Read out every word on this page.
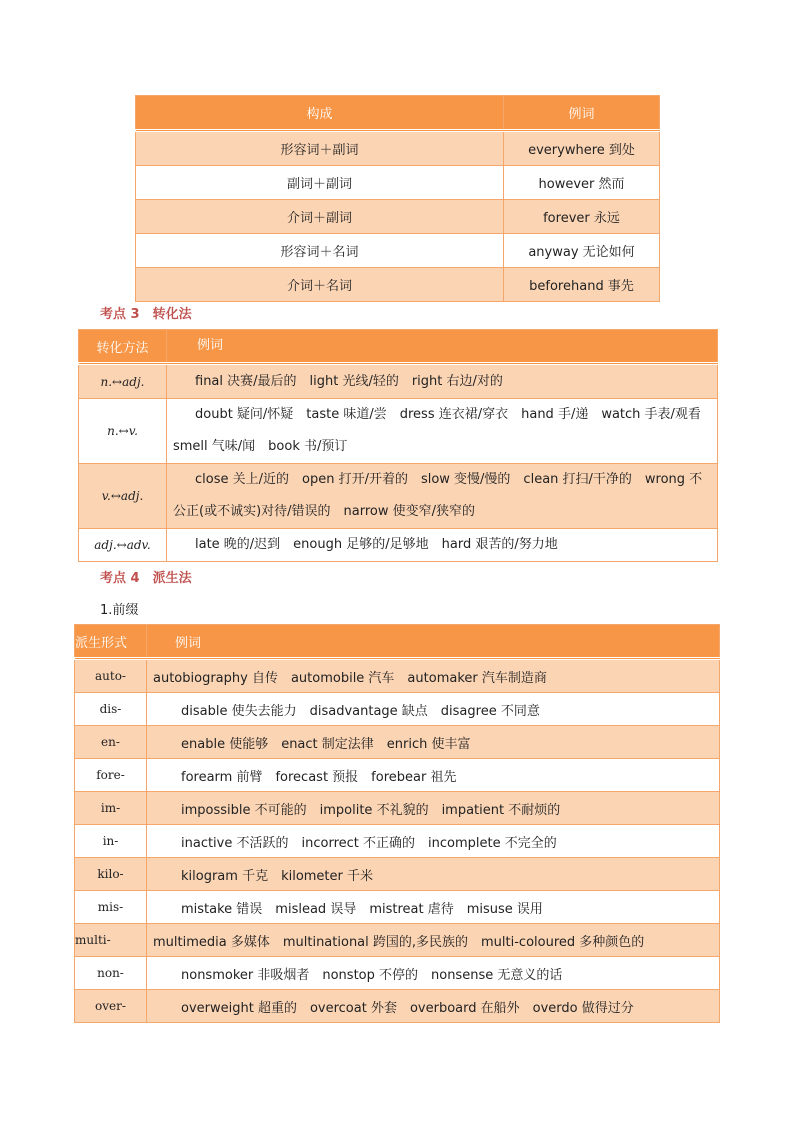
构成	例词
形容词＋副词	everywhere 到处
副词＋副词	however 然而
介词＋副词	forever 永远
形容词＋名词	anyway 无论如何
介词＋名词	beforehand 事先
考点 3　转化法
转化方法	例词
n.↔adj.	final 决赛/最后的　light 光线/轻的　right 右边/对的
n.↔v.	doubt 疑问/怀疑　taste 味道/尝　dress 连衣裙/穿衣　hand 手/递　watch 手表/观看　smell 气味/闻　book 书/预订
v.↔adj.	close 关上/近的　open 打开/开着的　slow 变慢/慢的　clean 打扫/干净的　wrong 不公正(或不诚实)对待/错误的　narrow 使变窄/狭窄的
adj.↔adv.	late 晚的/迟到　enough 足够的/足够地　hard 艰苦的/努力地
考点 4　派生法
1.前缀
派生形式	例词
auto-	autobiography 自传　automobile 汽车　automaker 汽车制造商
dis-	disable 使失去能力　disadvantage 缺点　disagree 不同意
en-	enable 使能够　enact 制定法律　enrich 使丰富
fore-	forearm 前臂　forecast 预报　forebear 祖先
im-	impossible 不可能的　impolite 不礼貌的　impatient 不耐烦的
in-	inactive 不活跃的　incorrect 不正确的　incomplete 不完全的
kilo-	kilogram 千克　kilometer 千米
mis-	mistake 错误　mislead 误导　mistreat 虐待　misuse 误用
multi-	multimedia 多媒体　multinational 跨国的,多民族的　multi-coloured 多种颜色的
non-	nonsmoker 非吸烟者　nonstop 不停的　nonsense 无意义的话
over-	overweight 超重的　overcoat 外套　overboard 在船外　overdo 做得过分
